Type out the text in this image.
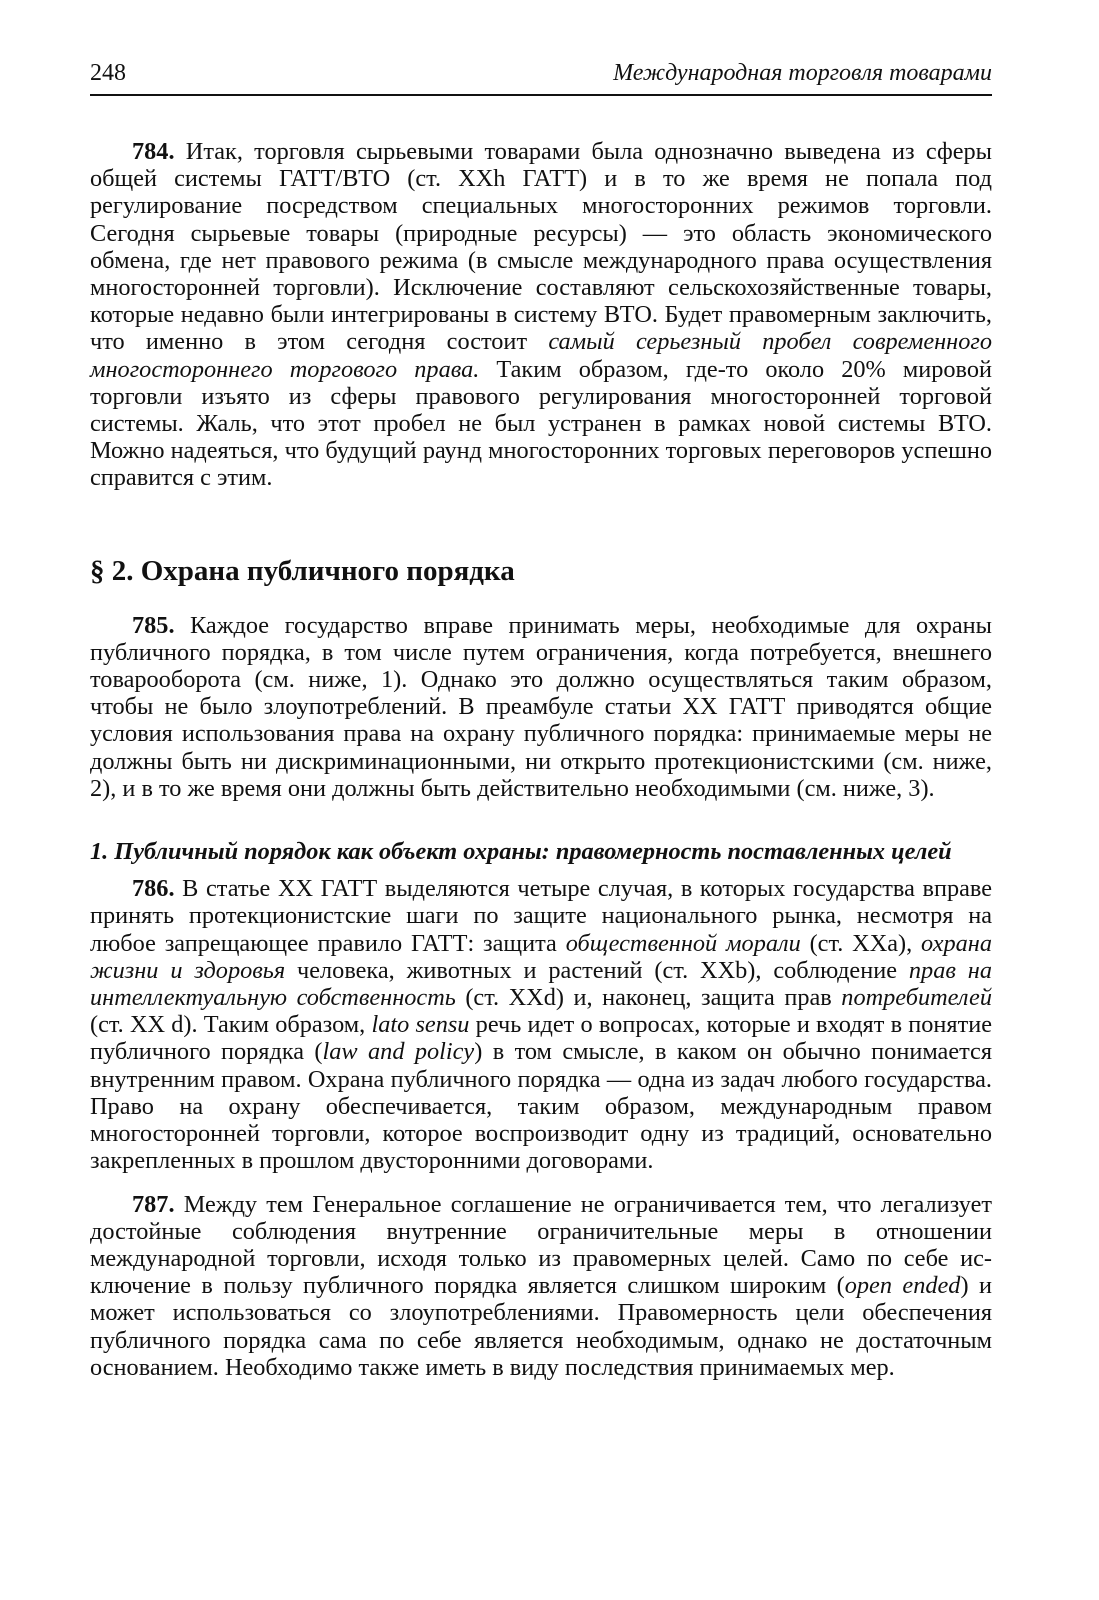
248	Международная торговля товарами

784. Итак, торговля сырьевыми товарами была однозначно выведена из сферы общей системы ГАТТ/ВТО (ст. XXh ГАТТ) и в то же время не попала под регулирование посредством специальных многосторонних режимов торговли. Сегодня сырьевые товары (природные ресурсы) — это область экономического обмена, где нет правового режима (в смысле международного права осуществления многосторонней торговли). Исключение составляют сельскохозяйственные товары, которые недавно были интегрированы в систему ВТО. Будет правомерным заключить, что именно в этом сегодня состоит самый серьезный пробел современного многостороннего торгового права. Таким образом, где-то около 20% мировой торговли изъято из сферы правового регулирования многосторонней торговой системы. Жаль, что этот пробел не был устранен в рамках новой системы ВТО. Можно надеяться, что будущий раунд многосторонних торговых переговоров успешно справится с этим.

§ 2. Охрана публичного порядка

785. Каждое государство вправе принимать меры, необходимые для охраны публичного порядка, в том числе путем ограничения, когда потребуется, внешнего товарооборота (см. ниже, 1). Однако это должно осуществляться таким образом, чтобы не было злоупотреблений. В преамбуле статьи XX ГАТТ приводятся общие условия использования права на охрану публичного порядка: принимаемые меры не должны быть ни дискриминационными, ни открыто протекционистскими (см. ниже, 2), и в то же время они должны быть действительно необходимыми (см. ниже, 3).

1. Публичный порядок как объект охраны: правомерность поставленных целей

786. В статье XX ГАТТ выделяются четыре случая, в которых государства вправе принять протекционистские шаги по защите национального рынка, несмотря на любое запрещающее правило ГАТТ: защита общественной морали (ст. XXa), охрана жизни и здоровья человека, животных и растений (ст. XXb), соблюдение прав на интеллектуальную собственность (ст. XXd) и, наконец, защита прав потребителей (ст. XX d). Таким образом, lato sensu речь идет о вопросах, которые и входят в понятие публичного порядка (law and policy) в том смысле, в каком он обычно понимается внутренним правом. Охрана публичного порядка — одна из задач любого государства. Право на охрану обеспечивается, таким образом, международным правом многосторонней торговли, которое воспроизводит одну из традиций, основательно закрепленных в прошлом двусторонними договорами.

787. Между тем Генеральное соглашение не ограничивается тем, что легализует достойные соблюдения внутренние ограничительные меры в отношении международной торговли, исходя только из правомерных целей. Само по себе исключение в пользу публичного порядка является слишком широким (open ended) и может использоваться со злоупотреблениями. Правомерность цели обеспечения публичного порядка сама по себе является необходимым, однако не достаточным основанием. Необходимо также иметь в виду последствия принимаемых мер.
